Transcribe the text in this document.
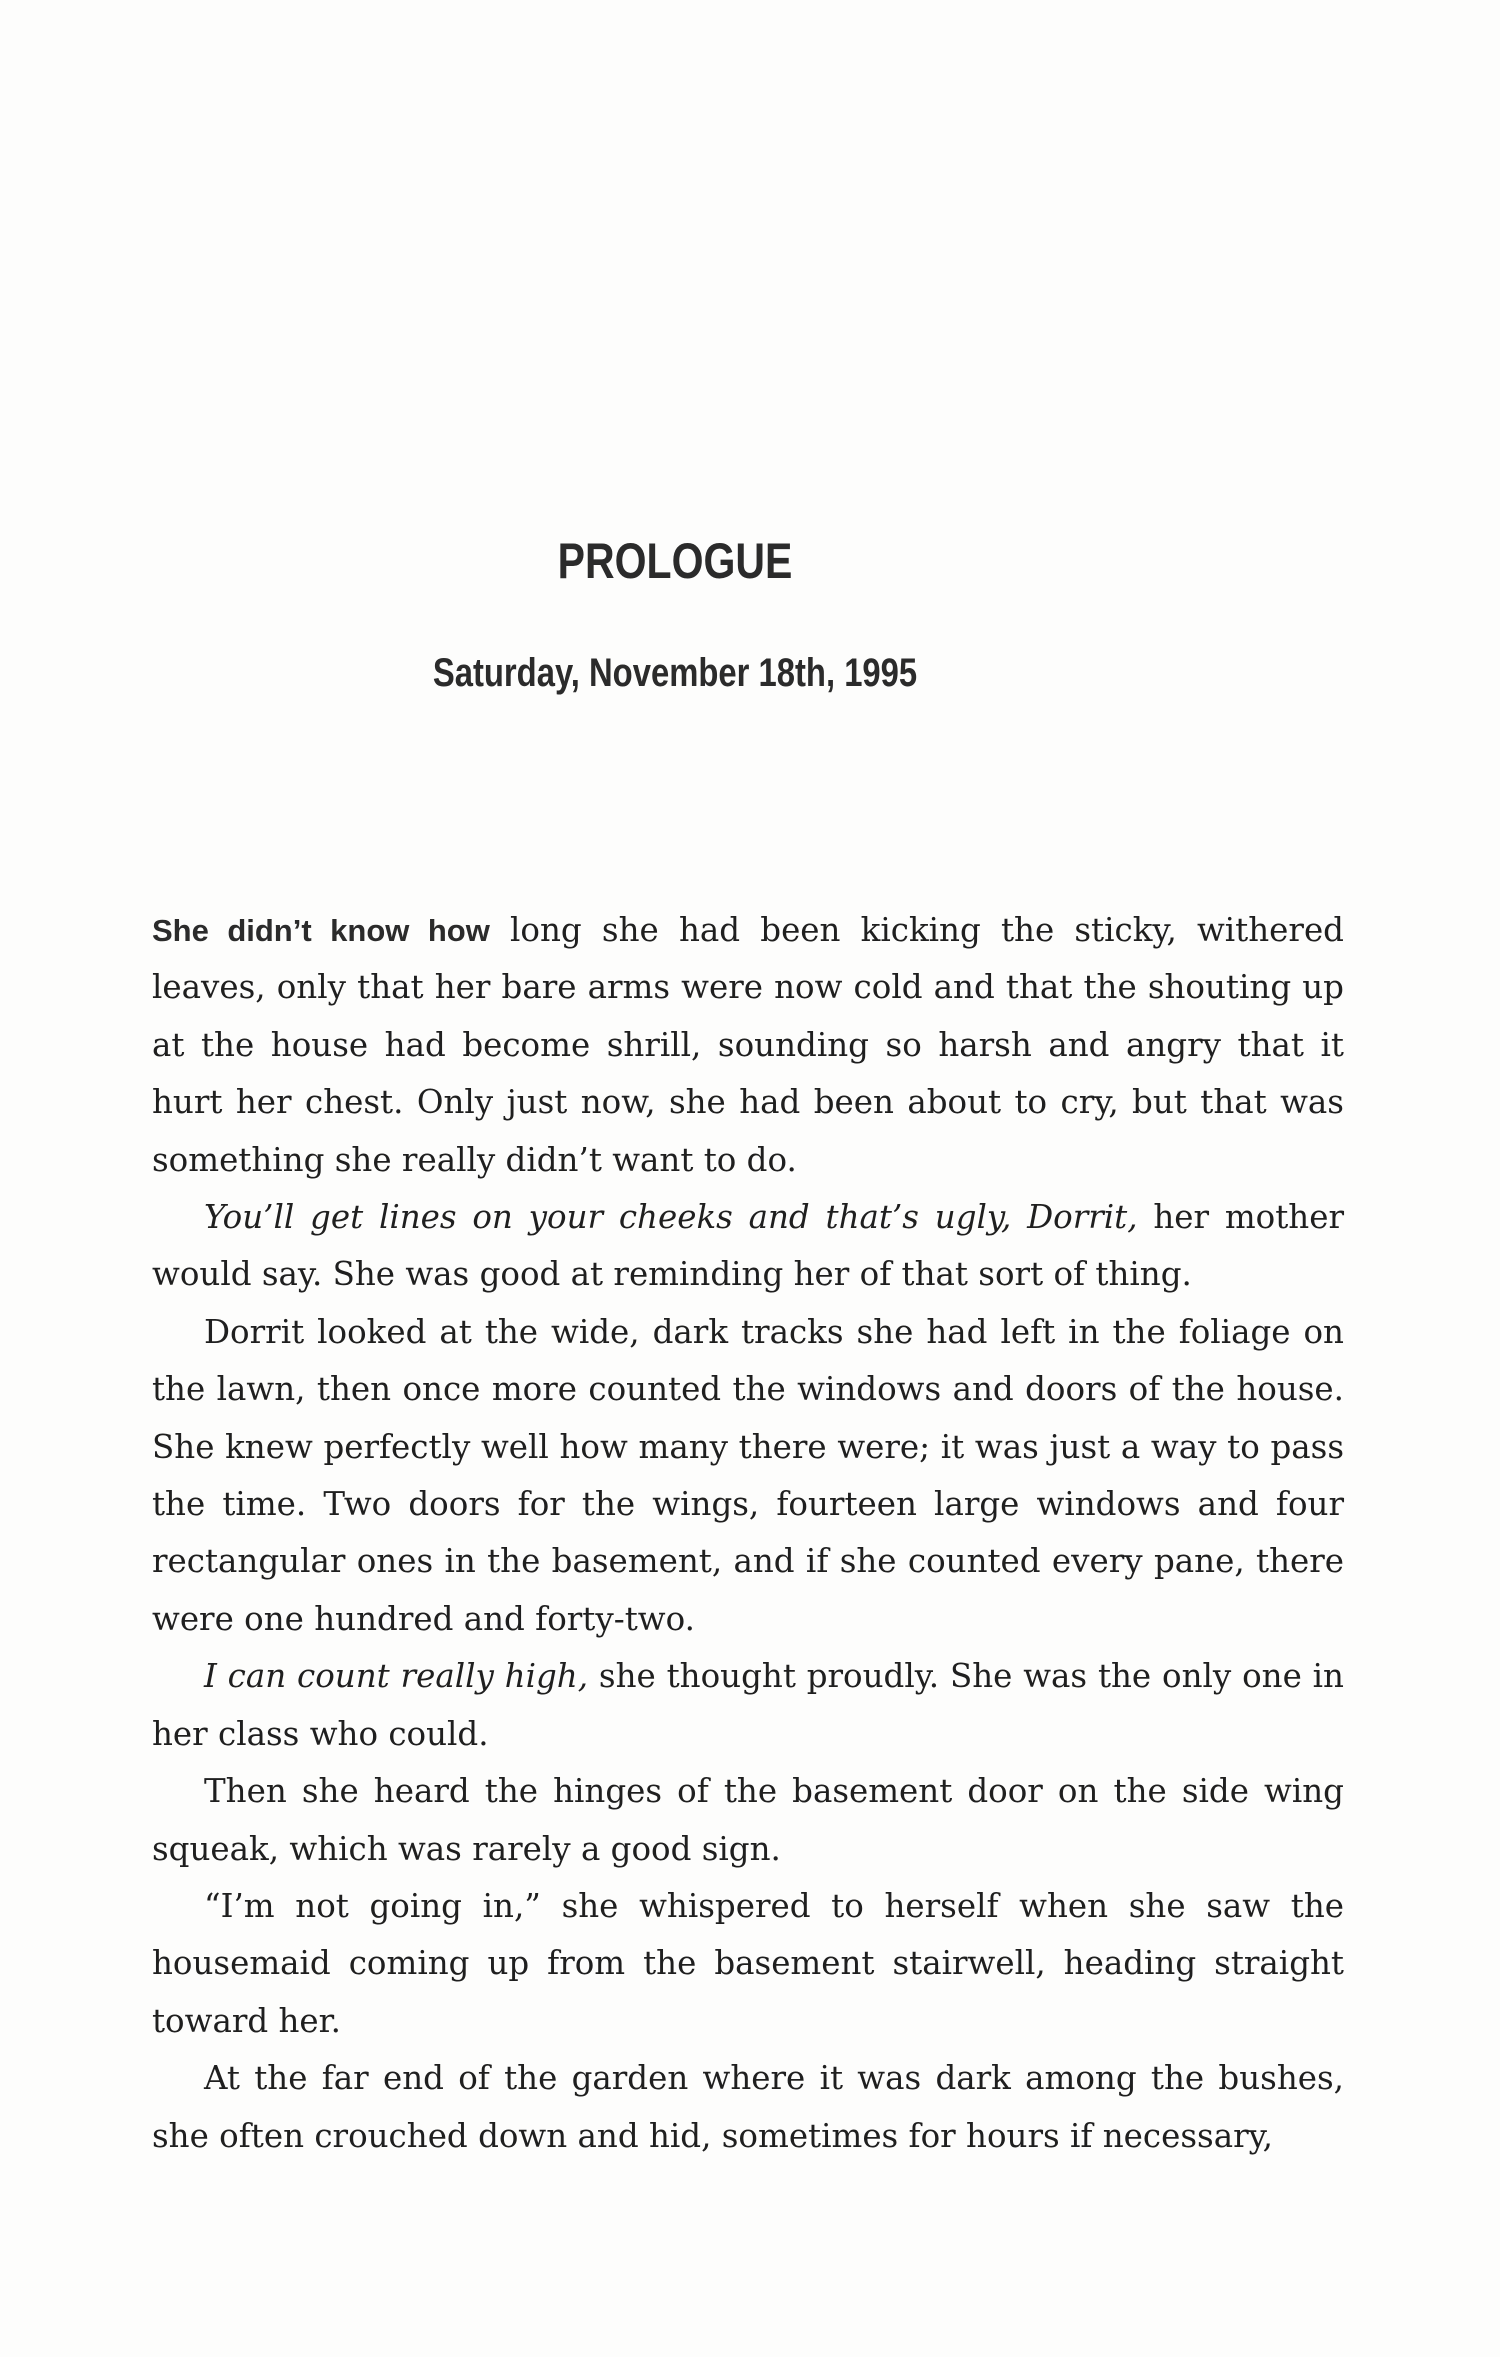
PROLOGUE
Saturday, November 18th, 1995

She didn’t know how long she had been kicking the sticky, withered leaves, only that her bare arms were now cold and that the shouting up at the house had become shrill, sounding so harsh and angry that it hurt her chest. Only just now, she had been about to cry, but that was something she really didn’t want to do.

You’ll get lines on your cheeks and that’s ugly, Dorrit, her mother would say. She was good at reminding her of that sort of thing.

Dorrit looked at the wide, dark tracks she had left in the foliage on the lawn, then once more counted the windows and doors of the house. She knew perfectly well how many there were; it was just a way to pass the time. Two doors for the wings, fourteen large windows and four rectangular ones in the basement, and if she counted every pane, there were one hundred and forty-two.

I can count really high, she thought proudly. She was the only one in her class who could.

Then she heard the hinges of the basement door on the side wing squeak, which was rarely a good sign.

“I’m not going in,” she whispered to herself when she saw the housemaid coming up from the basement stairwell, heading straight toward her.

At the far end of the garden where it was dark among the bushes, she often crouched down and hid, sometimes for hours if necessary,
